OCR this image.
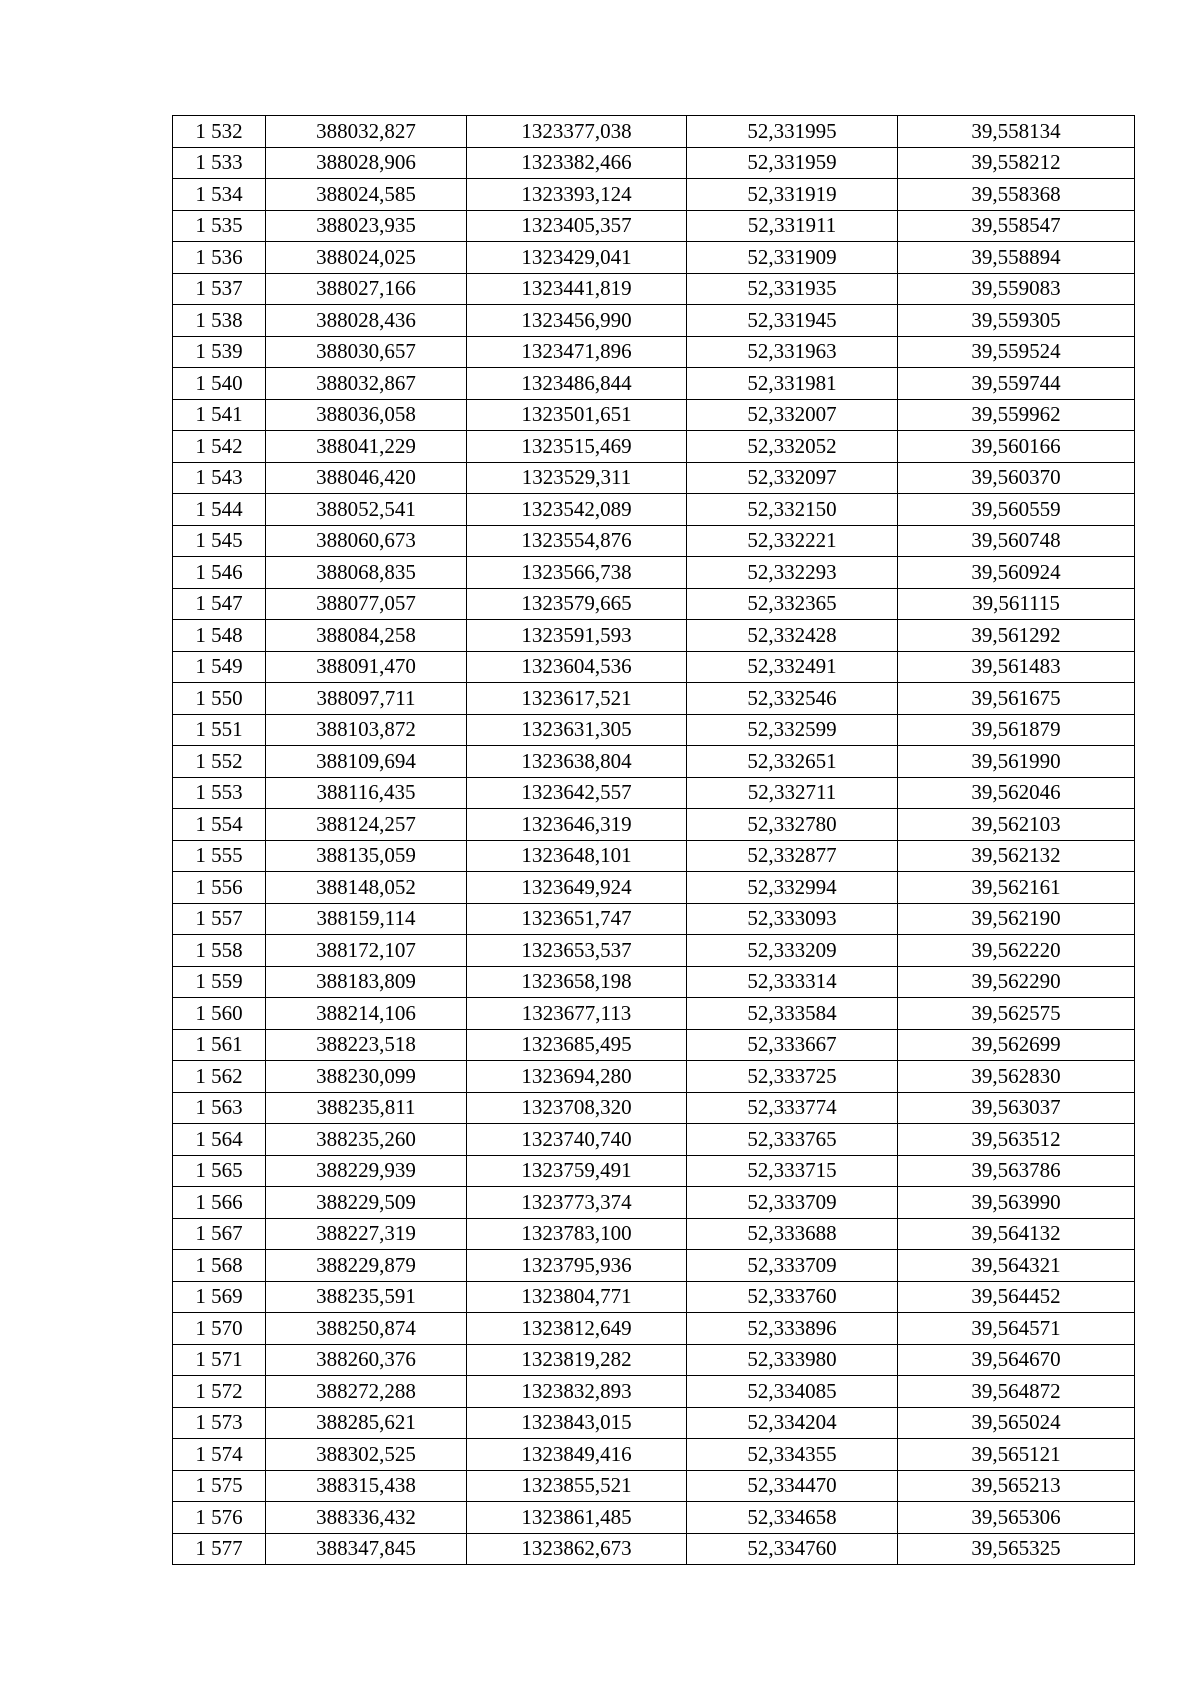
1 532	388032,827	1323377,038	52,331995	39,558134
1 533	388028,906	1323382,466	52,331959	39,558212
1 534	388024,585	1323393,124	52,331919	39,558368
1 535	388023,935	1323405,357	52,331911	39,558547
1 536	388024,025	1323429,041	52,331909	39,558894
1 537	388027,166	1323441,819	52,331935	39,559083
1 538	388028,436	1323456,990	52,331945	39,559305
1 539	388030,657	1323471,896	52,331963	39,559524
1 540	388032,867	1323486,844	52,331981	39,559744
1 541	388036,058	1323501,651	52,332007	39,559962
1 542	388041,229	1323515,469	52,332052	39,560166
1 543	388046,420	1323529,311	52,332097	39,560370
1 544	388052,541	1323542,089	52,332150	39,560559
1 545	388060,673	1323554,876	52,332221	39,560748
1 546	388068,835	1323566,738	52,332293	39,560924
1 547	388077,057	1323579,665	52,332365	39,561115
1 548	388084,258	1323591,593	52,332428	39,561292
1 549	388091,470	1323604,536	52,332491	39,561483
1 550	388097,711	1323617,521	52,332546	39,561675
1 551	388103,872	1323631,305	52,332599	39,561879
1 552	388109,694	1323638,804	52,332651	39,561990
1 553	388116,435	1323642,557	52,332711	39,562046
1 554	388124,257	1323646,319	52,332780	39,562103
1 555	388135,059	1323648,101	52,332877	39,562132
1 556	388148,052	1323649,924	52,332994	39,562161
1 557	388159,114	1323651,747	52,333093	39,562190
1 558	388172,107	1323653,537	52,333209	39,562220
1 559	388183,809	1323658,198	52,333314	39,562290
1 560	388214,106	1323677,113	52,333584	39,562575
1 561	388223,518	1323685,495	52,333667	39,562699
1 562	388230,099	1323694,280	52,333725	39,562830
1 563	388235,811	1323708,320	52,333774	39,563037
1 564	388235,260	1323740,740	52,333765	39,563512
1 565	388229,939	1323759,491	52,333715	39,563786
1 566	388229,509	1323773,374	52,333709	39,563990
1 567	388227,319	1323783,100	52,333688	39,564132
1 568	388229,879	1323795,936	52,333709	39,564321
1 569	388235,591	1323804,771	52,333760	39,564452
1 570	388250,874	1323812,649	52,333896	39,564571
1 571	388260,376	1323819,282	52,333980	39,564670
1 572	388272,288	1323832,893	52,334085	39,564872
1 573	388285,621	1323843,015	52,334204	39,565024
1 574	388302,525	1323849,416	52,334355	39,565121
1 575	388315,438	1323855,521	52,334470	39,565213
1 576	388336,432	1323861,485	52,334658	39,565306
1 577	388347,845	1323862,673	52,334760	39,565325
